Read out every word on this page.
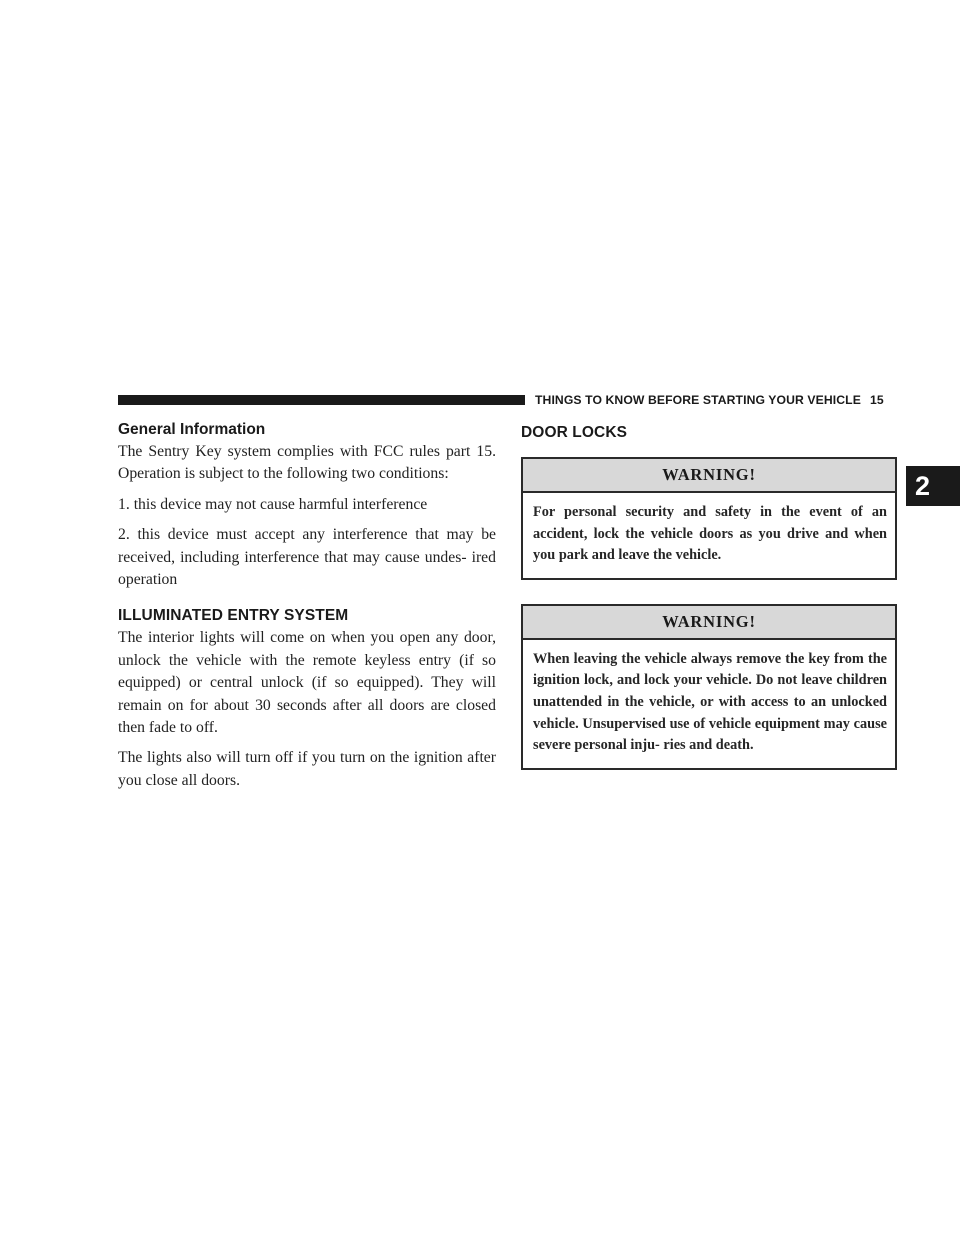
THINGS TO KNOW BEFORE STARTING YOUR VEHICLE 15
2
General Information

The Sentry Key system complies with FCC rules part 15. Operation is subject to the following two conditions:

1. this device may not cause harmful interference

2. this device must accept any interference that may be received, including interference that may cause undes- ired operation

ILLUMINATED ENTRY SYSTEM

The interior lights will come on when you open any door, unlock the vehicle with the remote keyless entry (if so equipped) or central unlock (if so equipped). They will remain on for about 30 seconds after all doors are closed then fade to off.

The lights also will turn off if you turn on the ignition after you close all doors.

DOOR LOCKS
WARNING!
For personal security and safety in the event of an accident, lock the vehicle doors as you drive and when you park and leave the vehicle.
WARNING!
When leaving the vehicle always remove the key from the ignition lock, and lock your vehicle. Do not leave children unattended in the vehicle, or with access to an unlocked vehicle. Unsupervised use of vehicle equipment may cause severe personal inju- ries and death.
